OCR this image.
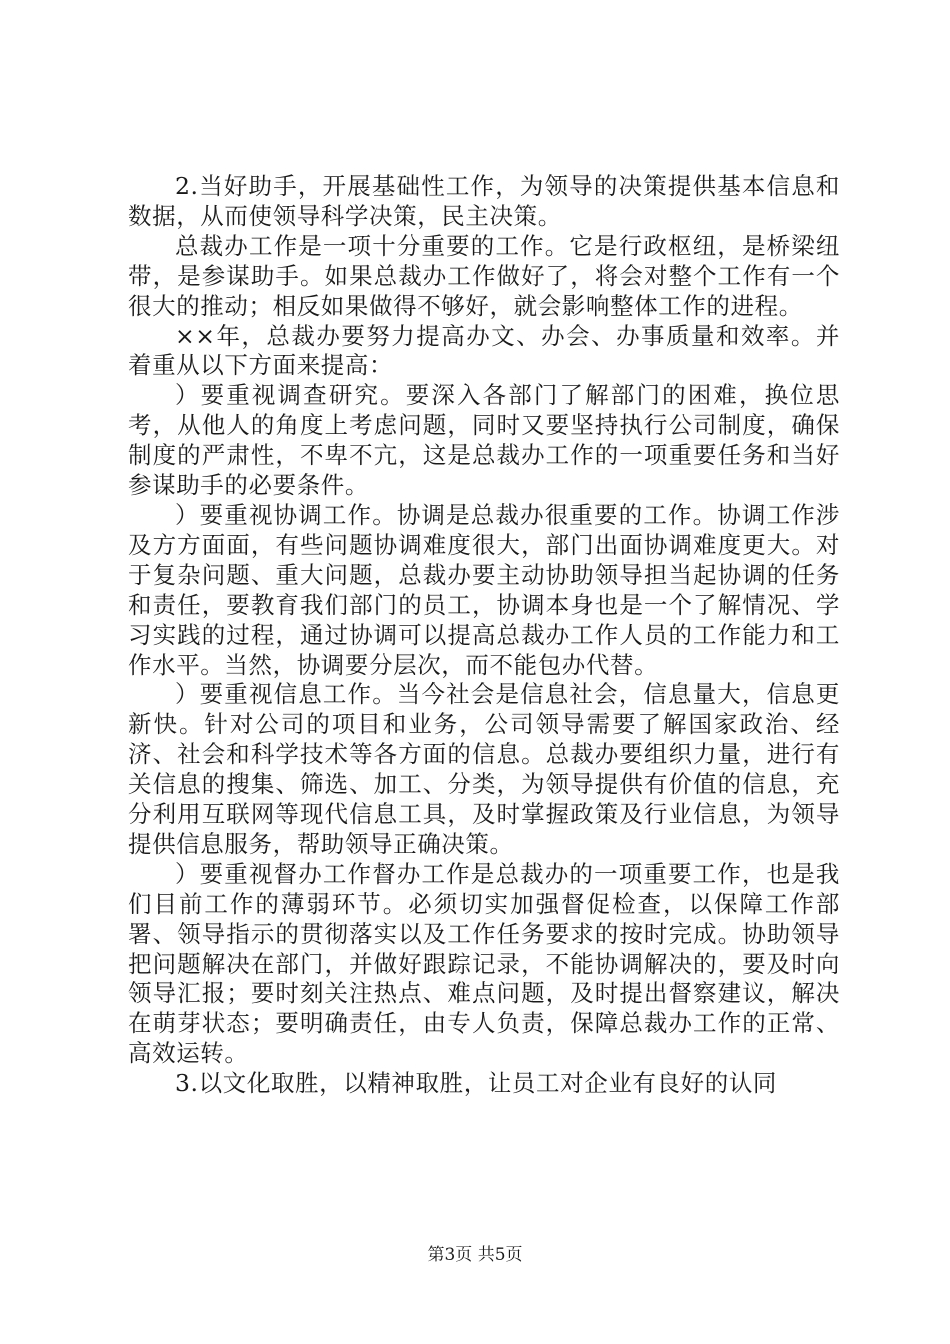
2.当好助手，开展基础性工作，为领导的决策提供基本信息和数据，从而使领导科学决策，民主决策。

总裁办工作是一项十分重要的工作。它是行政枢纽，是桥梁纽带，是参谋助手。如果总裁办工作做好了，将会对整个工作有一个很大的推动；相反如果做得不够好，就会影响整体工作的进程。

××年，总裁办要努力提高办文、办会、办事质量和效率。并着重从以下方面来提高：

）要重视调查研究。要深入各部门了解部门的困难，换位思考，从他人的角度上考虑问题，同时又要坚持执行公司制度，确保制度的严肃性，不卑不亢，这是总裁办工作的一项重要任务和当好参谋助手的必要条件。

）要重视协调工作。协调是总裁办很重要的工作。协调工作涉及方方面面，有些问题协调难度很大，部门出面协调难度更大。对于复杂问题、重大问题，总裁办要主动协助领导担当起协调的任务和责任，要教育我们部门的员工，协调本身也是一个了解情况、学习实践的过程，通过协调可以提高总裁办工作人员的工作能力和工作水平。当然，协调要分层次，而不能包办代替。

）要重视信息工作。当今社会是信息社会，信息量大，信息更新快。针对公司的项目和业务，公司领导需要了解国家政治、经济、社会和科学技术等各方面的信息。总裁办要组织力量，进行有关信息的搜集、筛选、加工、分类，为领导提供有价值的信息，充分利用互联网等现代信息工具，及时掌握政策及行业信息，为领导提供信息服务，帮助领导正确决策。

）要重视督办工作督办工作是总裁办的一项重要工作，也是我们目前工作的薄弱环节。必须切实加强督促检查，以保障工作部署、领导指示的贯彻落实以及工作任务要求的按时完成。协助领导把问题解决在部门，并做好跟踪记录，不能协调解决的，要及时向领导汇报；要时刻关注热点、难点问题，及时提出督察建议，解决在萌芽状态；要明确责任，由专人负责，保障总裁办工作的正常、高效运转。

3.以文化取胜，以精神取胜，让员工对企业有良好的认同

第3页 共5页
